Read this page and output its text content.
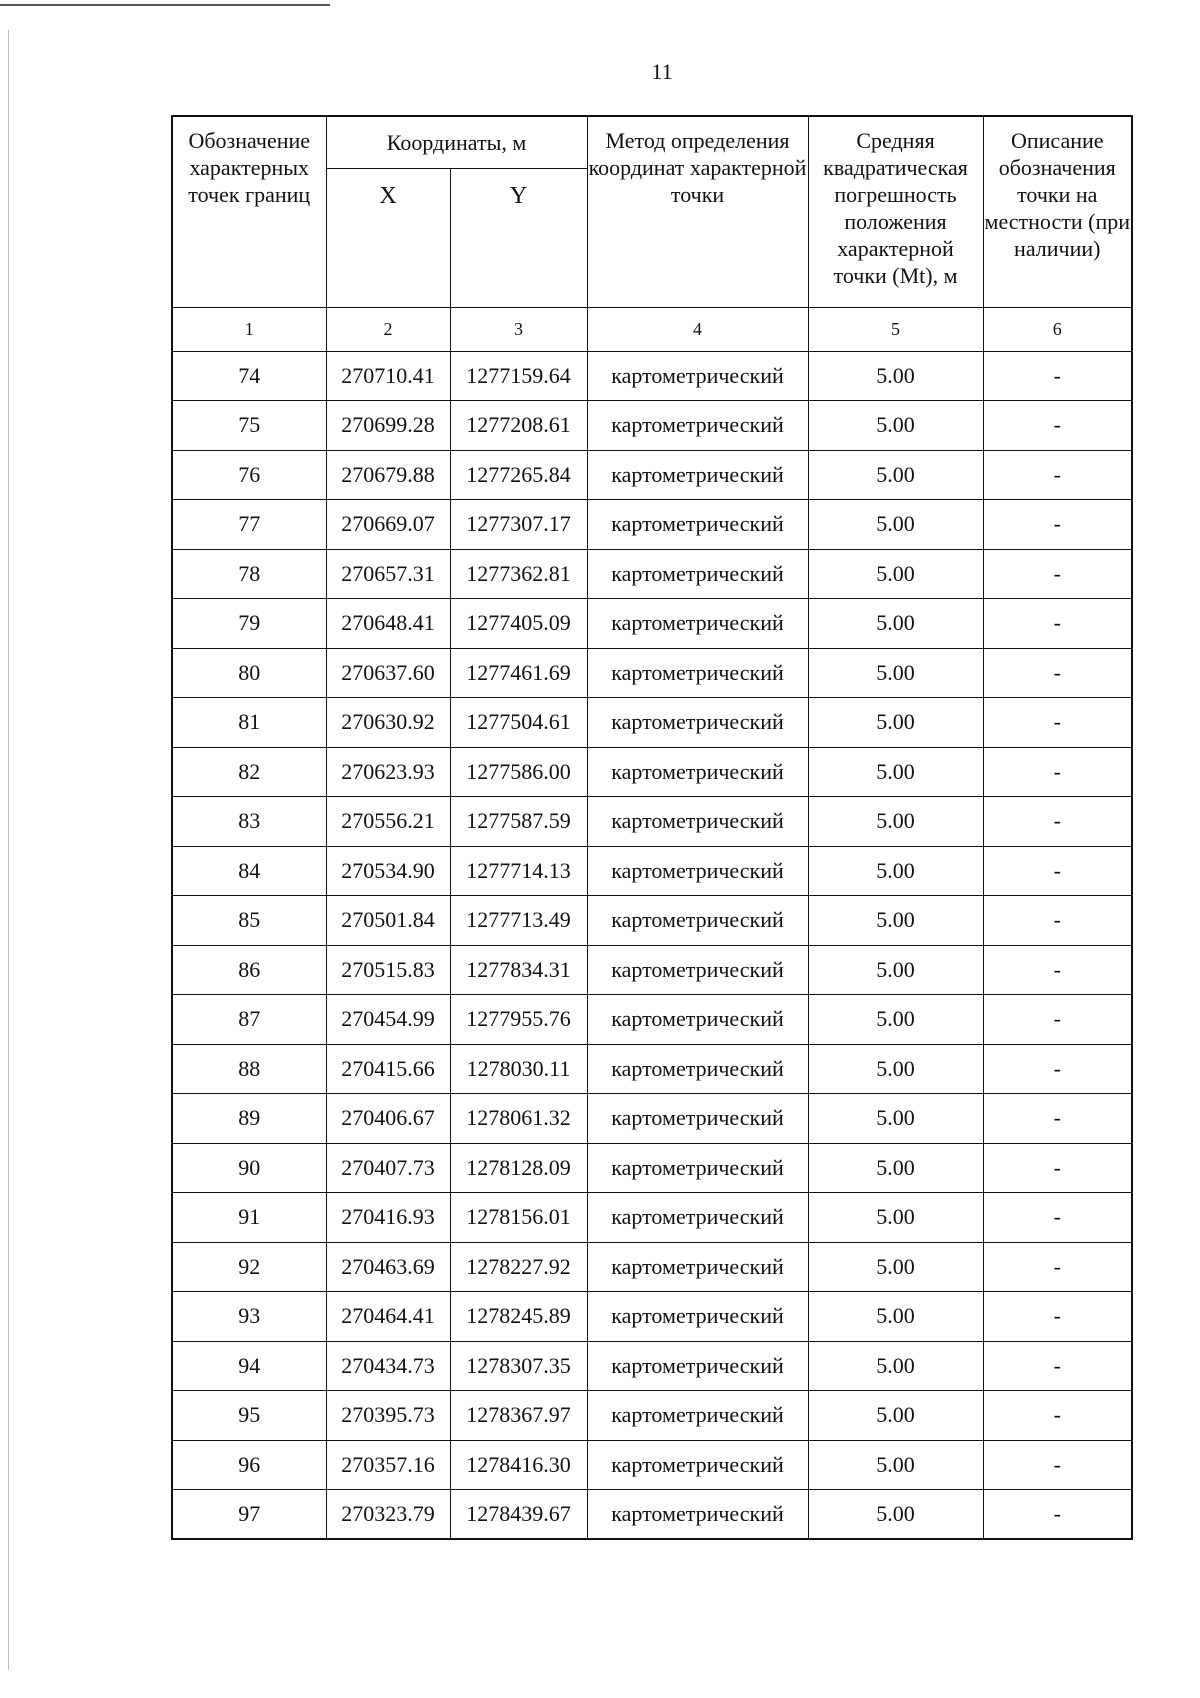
11
Обозначение характерных точек границ	Координаты, м		Метод определения координат характерной точки	Средняя квадратическая погрешность положения характерной точки (Mt), м	Описание обозначения точки на местности (при наличии)
	X	Y			
1	2	3	4	5	6
74	270710.41	1277159.64	картометрический	5.00	-
75	270699.28	1277208.61	картометрический	5.00	-
76	270679.88	1277265.84	картометрический	5.00	-
77	270669.07	1277307.17	картометрический	5.00	-
78	270657.31	1277362.81	картометрический	5.00	-
79	270648.41	1277405.09	картометрический	5.00	-
80	270637.60	1277461.69	картометрический	5.00	-
81	270630.92	1277504.61	картометрический	5.00	-
82	270623.93	1277586.00	картометрический	5.00	-
83	270556.21	1277587.59	картометрический	5.00	-
84	270534.90	1277714.13	картометрический	5.00	-
85	270501.84	1277713.49	картометрический	5.00	-
86	270515.83	1277834.31	картометрический	5.00	-
87	270454.99	1277955.76	картометрический	5.00	-
88	270415.66	1278030.11	картометрический	5.00	-
89	270406.67	1278061.32	картометрический	5.00	-
90	270407.73	1278128.09	картометрический	5.00	-
91	270416.93	1278156.01	картометрический	5.00	-
92	270463.69	1278227.92	картометрический	5.00	-
93	270464.41	1278245.89	картометрический	5.00	-
94	270434.73	1278307.35	картометрический	5.00	-
95	270395.73	1278367.97	картометрический	5.00	-
96	270357.16	1278416.30	картометрический	5.00	-
97	270323.79	1278439.67	картометрический	5.00	-
